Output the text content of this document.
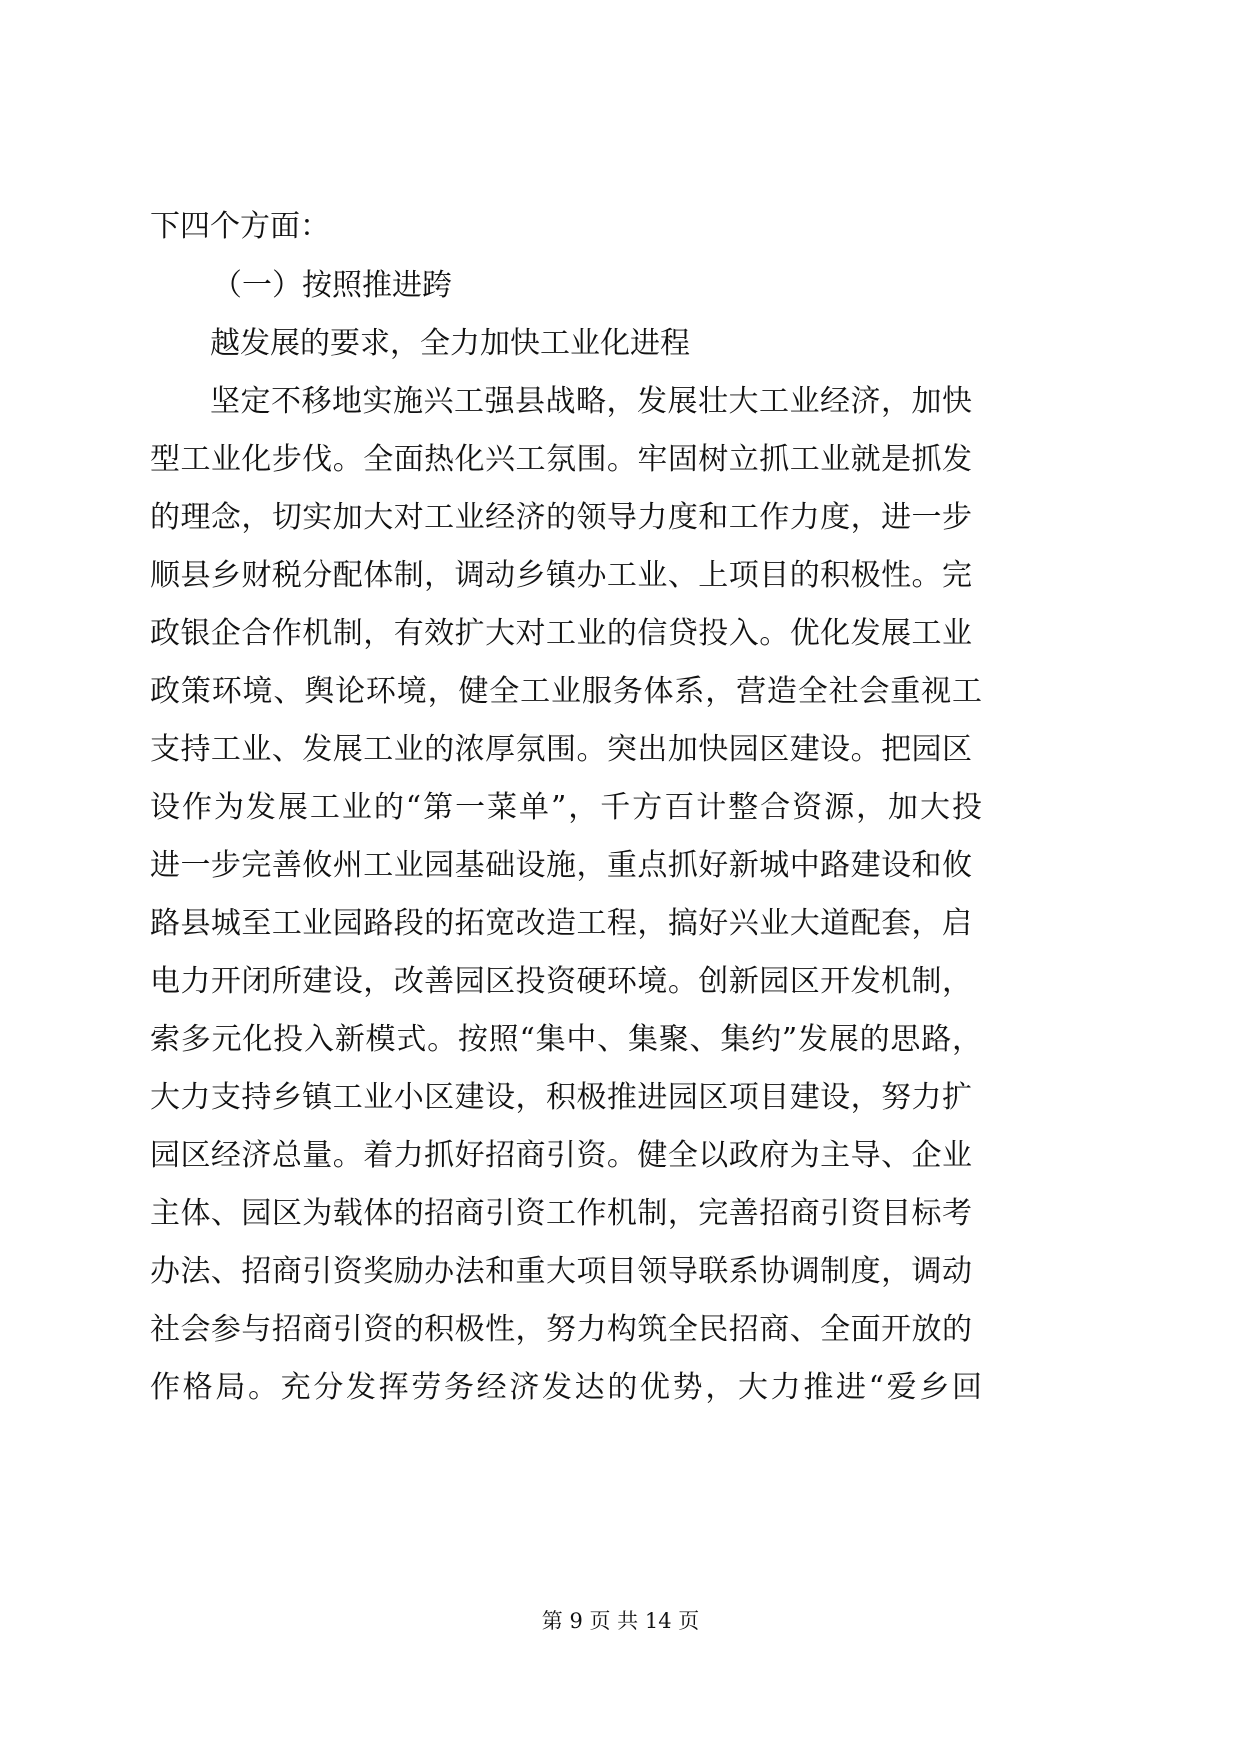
下四个方面：
（一）按照推进跨
越发展的要求，全力加快工业化进程
坚定不移地实施兴工强县战略，发展壮大工业经济，加快
型工业化步伐。全面热化兴工氛围。牢固树立抓工业就是抓发
的理念，切实加大对工业经济的领导力度和工作力度，进一步
顺县乡财税分配体制，调动乡镇办工业、上项目的积极性。完
政银企合作机制，有效扩大对工业的信贷投入。优化发展工业
政策环境、舆论环境，健全工业服务体系，营造全社会重视工
支持工业、发展工业的浓厚氛围。突出加快园区建设。把园区
设作为发展工业的“第一菜单”，千方百计整合资源，加大投
进一步完善攸州工业园基础设施，重点抓好新城中路建设和攸
路县城至工业园路段的拓宽改造工程，搞好兴业大道配套，启
电力开闭所建设，改善园区投资硬环境。创新园区开发机制，
索多元化投入新模式。按照“集中、集聚、集约”发展的思路，
大力支持乡镇工业小区建设，积极推进园区项目建设，努力扩
园区经济总量。着力抓好招商引资。健全以政府为主导、企业
主体、园区为载体的招商引资工作机制，完善招商引资目标考
办法、招商引资奖励办法和重大项目领导联系协调制度，调动
社会参与招商引资的积极性，努力构筑全民招商、全面开放的
作格局。充分发挥劳务经济发达的优势，大力推进“爱乡回
第 9 页 共 14 页
